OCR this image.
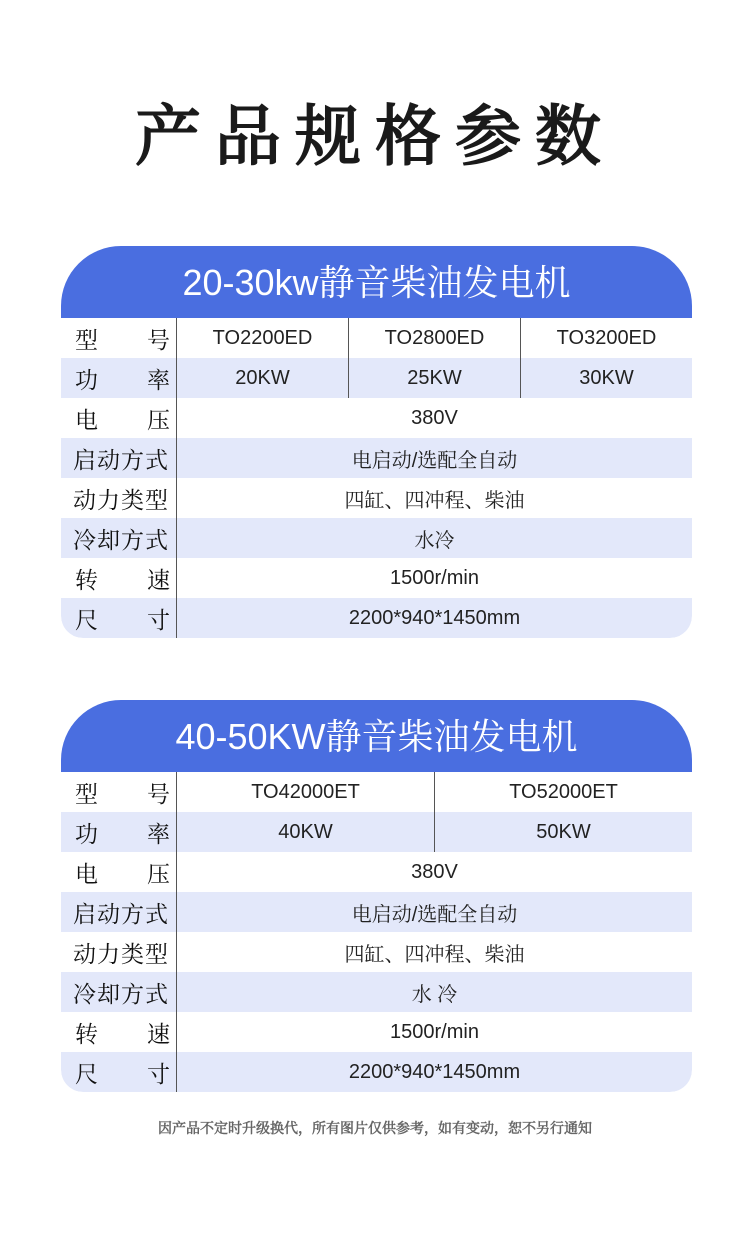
产品规格参数
20-30kw静音柴油发电机
型 号	TO2200ED	TO2800ED	TO3200ED
功 率	20KW	25KW	30KW
电 压	380V
启动方式	电启动/选配全自动
动力类型	四缸、四冲程、柴油
冷却方式	水冷
转 速	1500r/min
尺 寸	2200*940*1450mm
40-50KW静音柴油发电机
型 号	TO42000ET	TO52000ET
功 率	40KW	50KW
电 压	380V
启动方式	电启动/选配全自动
动力类型	四缸、四冲程、柴油
冷却方式	水 冷
转 速	1500r/min
尺 寸	2200*940*1450mm
因产品不定时升级换代，所有图片仅供参考，如有变动，恕不另行通知
